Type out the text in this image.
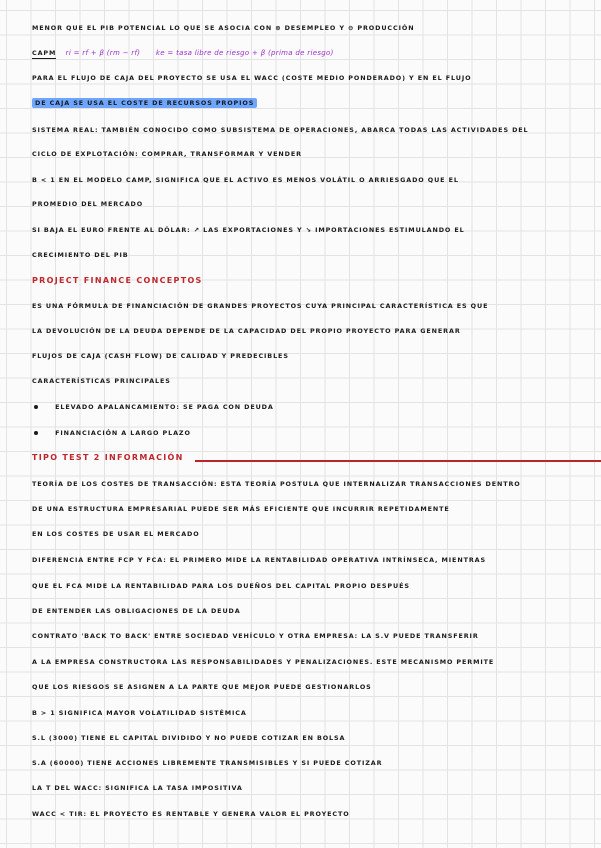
MENOR QUE EL PIB POTENCIAL LO QUE SE ASOCIA CON ⊕ DESEMPLEO Y ⊖ PRODUCCIÓN
CAPM ri = rf + β (rm − rf) ke = tasa libre de riesgo + β (prima de riesgo)
PARA EL FLUJO DE CAJA DEL PROYECTO SE USA EL WACC (COSTE MEDIO PONDERADO) Y EN EL FLUJO
DE CAJA SE USA EL COSTE DE RECURSOS PROPIOS
SISTEMA REAL: TAMBIÉN CONOCIDO COMO SUBSISTEMA DE OPERACIONES, ABARCA TODAS LAS ACTIVIDADES DEL
CICLO DE EXPLOTACIÓN: COMPRAR, TRANSFORMAR Y VENDER
Β < 1 EN EL MODELO CAMP, SIGNIFICA QUE EL ACTIVO ES MENOS VOLÁTIL O ARRIESGADO QUE EL
PROMEDIO DEL MERCADO
SI BAJA EL EURO FRENTE AL DÓLAR: ↗ LAS EXPORTACIONES Y ↘ IMPORTACIONES ESTIMULANDO EL
CRECIMIENTO DEL PIB
PROJECT FINANCE CONCEPTOS
ES UNA FÓRMULA DE FINANCIACIÓN DE GRANDES PROYECTOS CUYA PRINCIPAL CARACTERÍSTICA ES QUE
LA DEVOLUCIÓN DE LA DEUDA DEPENDE DE LA CAPACIDAD DEL PROPIO PROYECTO PARA GENERAR
FLUJOS DE CAJA (CASH FLOW) DE CALIDAD Y PREDECIBLES
CARACTERÍSTICAS PRINCIPALES
ELEVADO APALANCAMIENTO: SE PAGA CON DEUDA
FINANCIACIÓN A LARGO PLAZO
TIPO TEST 2 INFORMACIÓN
TEORÍA DE LOS COSTES DE TRANSACCIÓN: ESTA TEORÍA POSTULA QUE INTERNALIZAR TRANSACCIONES DENTRO
DE UNA ESTRUCTURA EMPRESARIAL PUEDE SER MÁS EFICIENTE QUE INCURRIR REPETIDAMENTE
EN LOS COSTES DE USAR EL MERCADO
DIFERENCIA ENTRE FCP Y FCA: EL PRIMERO MIDE LA RENTABILIDAD OPERATIVA INTRÍNSECA, MIENTRAS
QUE EL FCA MIDE LA RENTABILIDAD PARA LOS DUEÑOS DEL CAPITAL PROPIO DESPUÉS
DE ENTENDER LAS OBLIGACIONES DE LA DEUDA
CONTRATO 'BACK TO BACK' ENTRE SOCIEDAD VEHÍCULO Y OTRA EMPRESA: LA S.V PUEDE TRANSFERIR
A LA EMPRESA CONSTRUCTORA LAS RESPONSABILIDADES Y PENALIZACIONES. ESTE MECANISMO PERMITE
QUE LOS RIESGOS SE ASIGNEN A LA PARTE QUE MEJOR PUEDE GESTIONARLOS
Β > 1 SIGNIFICA MAYOR VOLATILIDAD SISTÉMICA
S.L (3000) TIENE EL CAPITAL DIVIDIDO Y NO PUEDE COTIZAR EN BOLSA
S.A (60000) TIENE ACCIONES LIBREMENTE TRANSMISIBLES Y SI PUEDE COTIZAR
LA T DEL WACC: SIGNIFICA LA TASA IMPOSITIVA
WACC < TIR: EL PROYECTO ES RENTABLE Y GENERA VALOR EL PROYECTO
